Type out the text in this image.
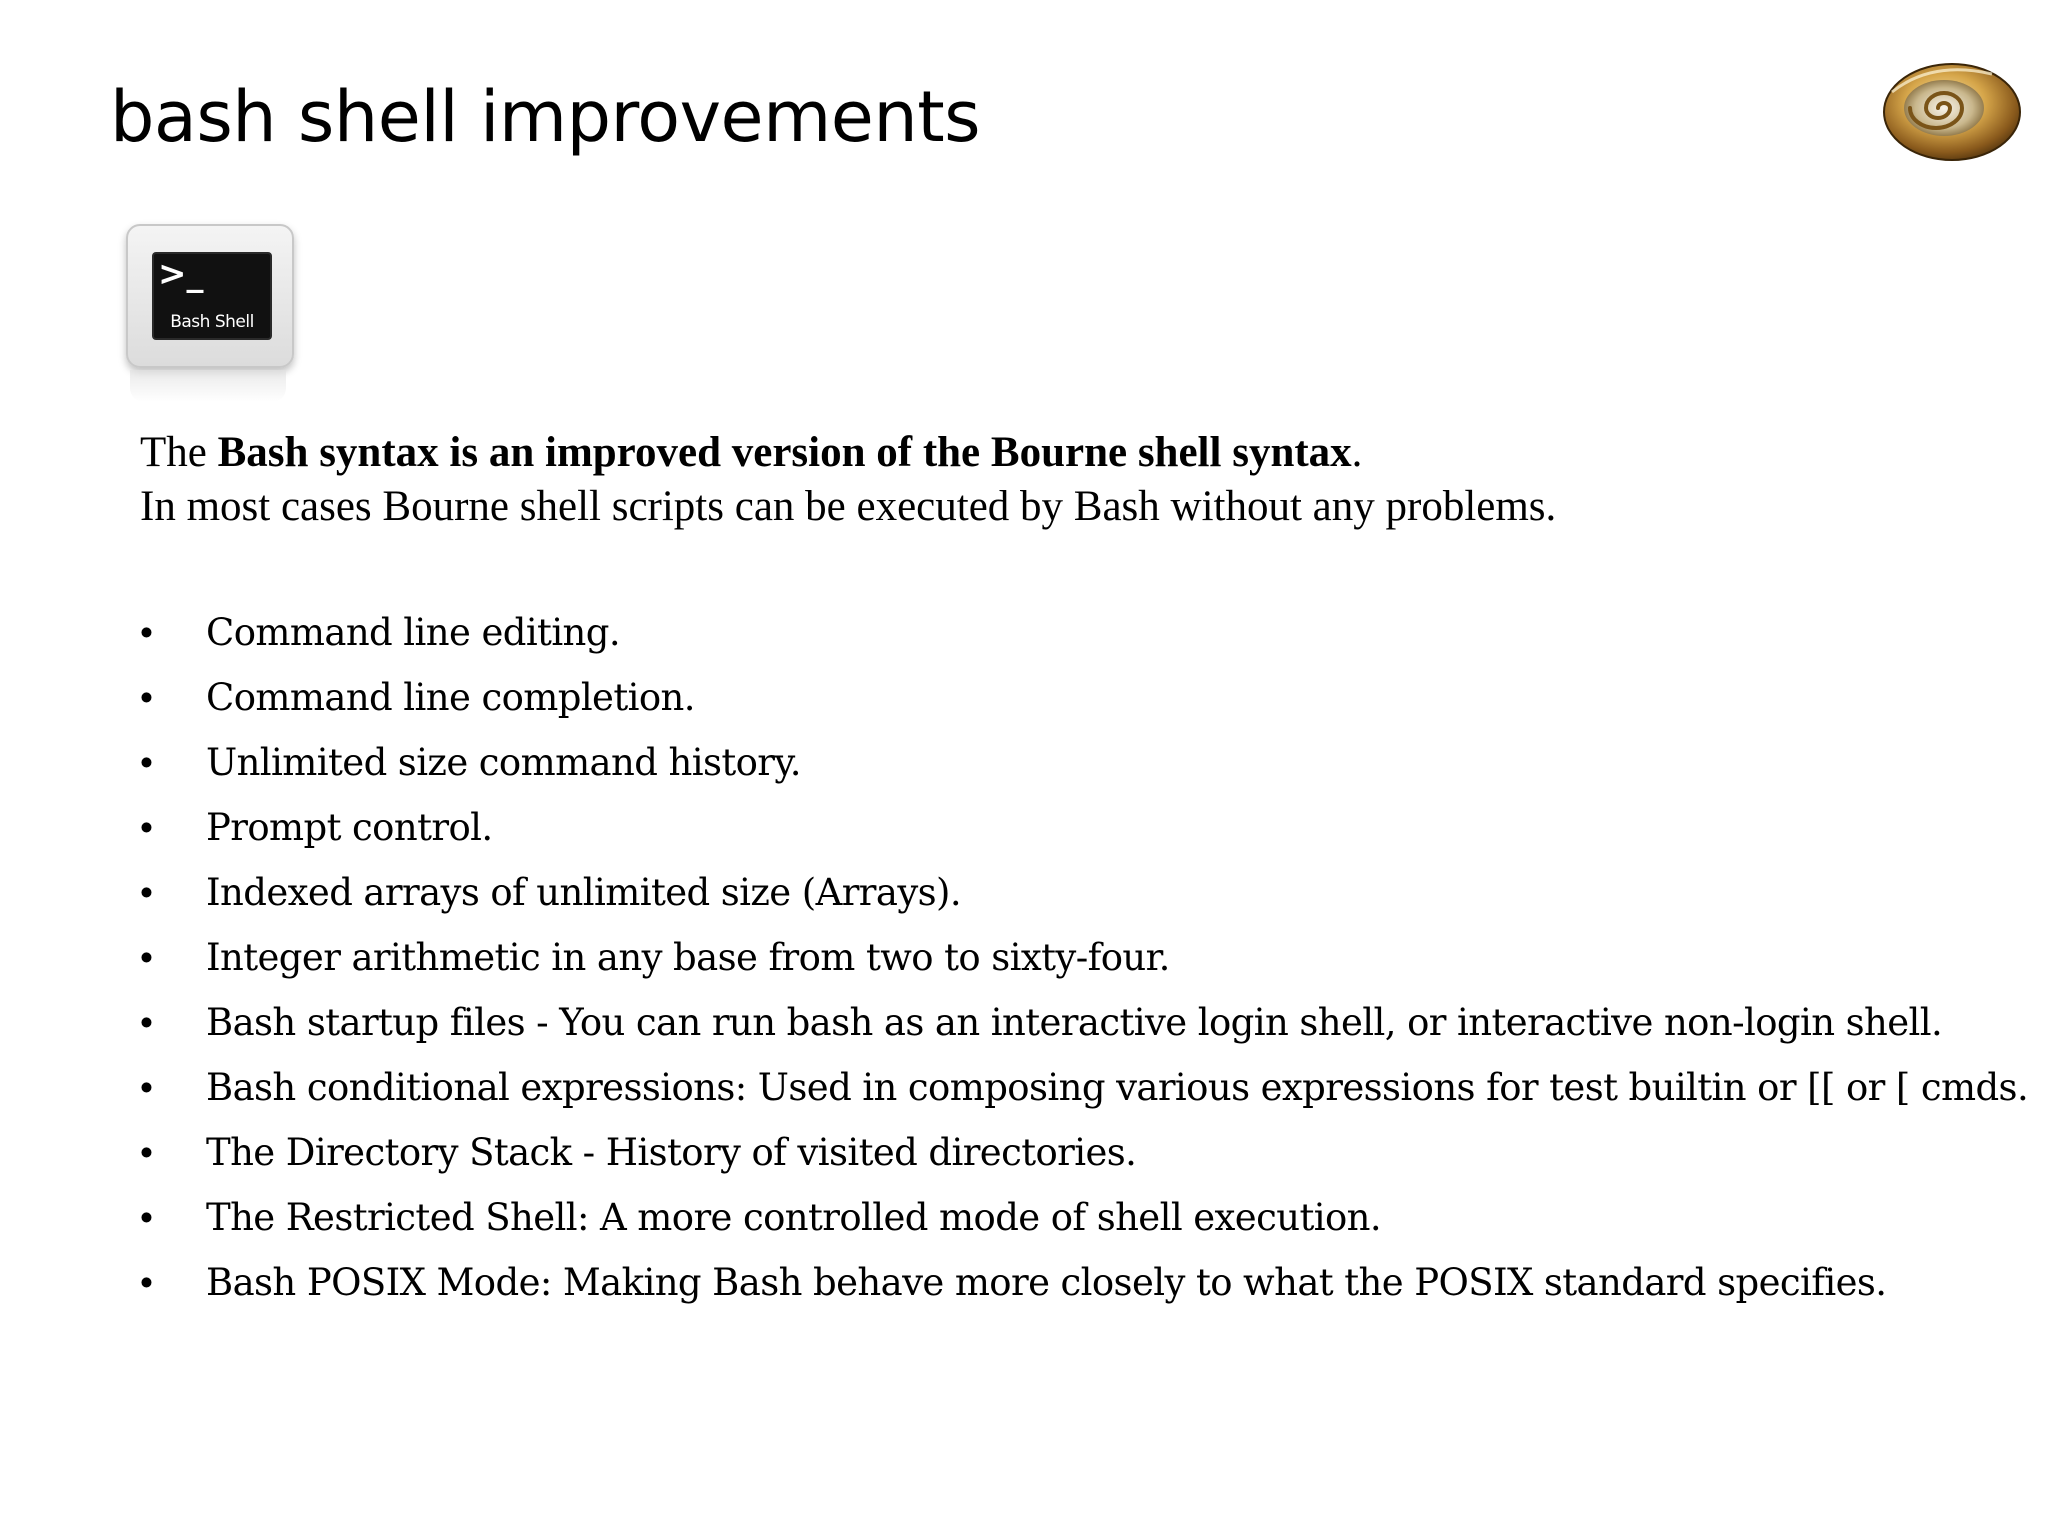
bash shell improvements
>_
Bash Shell

The Bash syntax is an improved version of the Bourne shell syntax.

In most cases Bourne shell scripts can be executed by Bash without any problems.

• Command line editing.
• Command line completion.
• Unlimited size command history.
• Prompt control.
• Indexed arrays of unlimited size (Arrays).
• Integer arithmetic in any base from two to sixty-four.
• Bash startup files - You can run bash as an interactive login shell, or interactive non-login shell.
• Bash conditional expressions: Used in composing various expressions for test builtin or [[ or [ cmds.
• The Directory Stack - History of visited directories.
• The Restricted Shell: A more controlled mode of shell execution.
• Bash POSIX Mode: Making Bash behave more closely to what the POSIX standard specifies.
